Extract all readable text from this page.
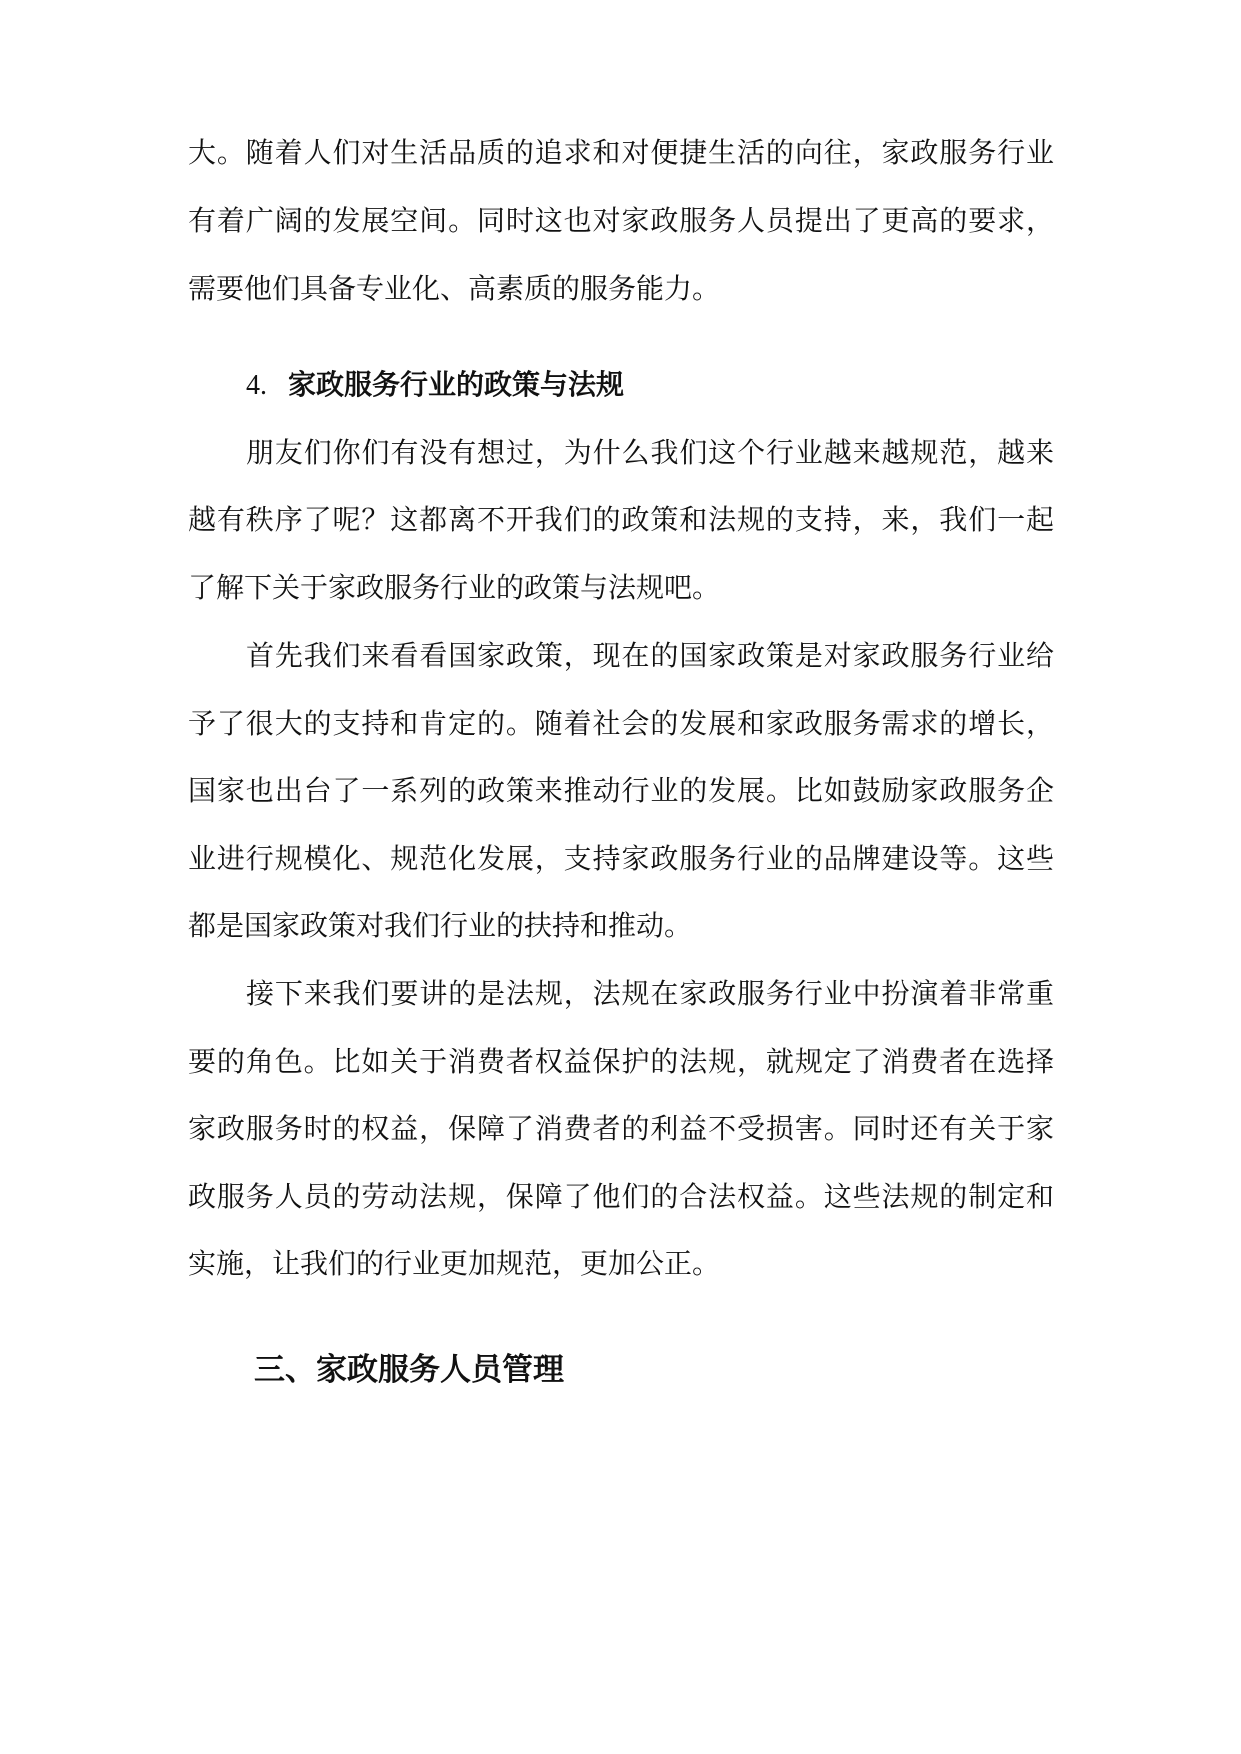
大。随着人们对生活品质的追求和对便捷生活的向往，家政服务行业
有着广阔的发展空间。同时这也对家政服务人员提出了更高的要求，
需要他们具备专业化、高素质的服务能力。
4. 家政服务行业的政策与法规
朋友们你们有没有想过，为什么我们这个行业越来越规范，越来
越有秩序了呢？这都离不开我们的政策和法规的支持，来，我们一起
了解下关于家政服务行业的政策与法规吧。
首先我们来看看国家政策，现在的国家政策是对家政服务行业给
予了很大的支持和肯定的。随着社会的发展和家政服务需求的增长，
国家也出台了一系列的政策来推动行业的发展。比如鼓励家政服务企
业进行规模化、规范化发展，支持家政服务行业的品牌建设等。这些
都是国家政策对我们行业的扶持和推动。
接下来我们要讲的是法规，法规在家政服务行业中扮演着非常重
要的角色。比如关于消费者权益保护的法规，就规定了消费者在选择
家政服务时的权益，保障了消费者的利益不受损害。同时还有关于家
政服务人员的劳动法规，保障了他们的合法权益。这些法规的制定和
实施，让我们的行业更加规范，更加公正。
三、家政服务人员管理
